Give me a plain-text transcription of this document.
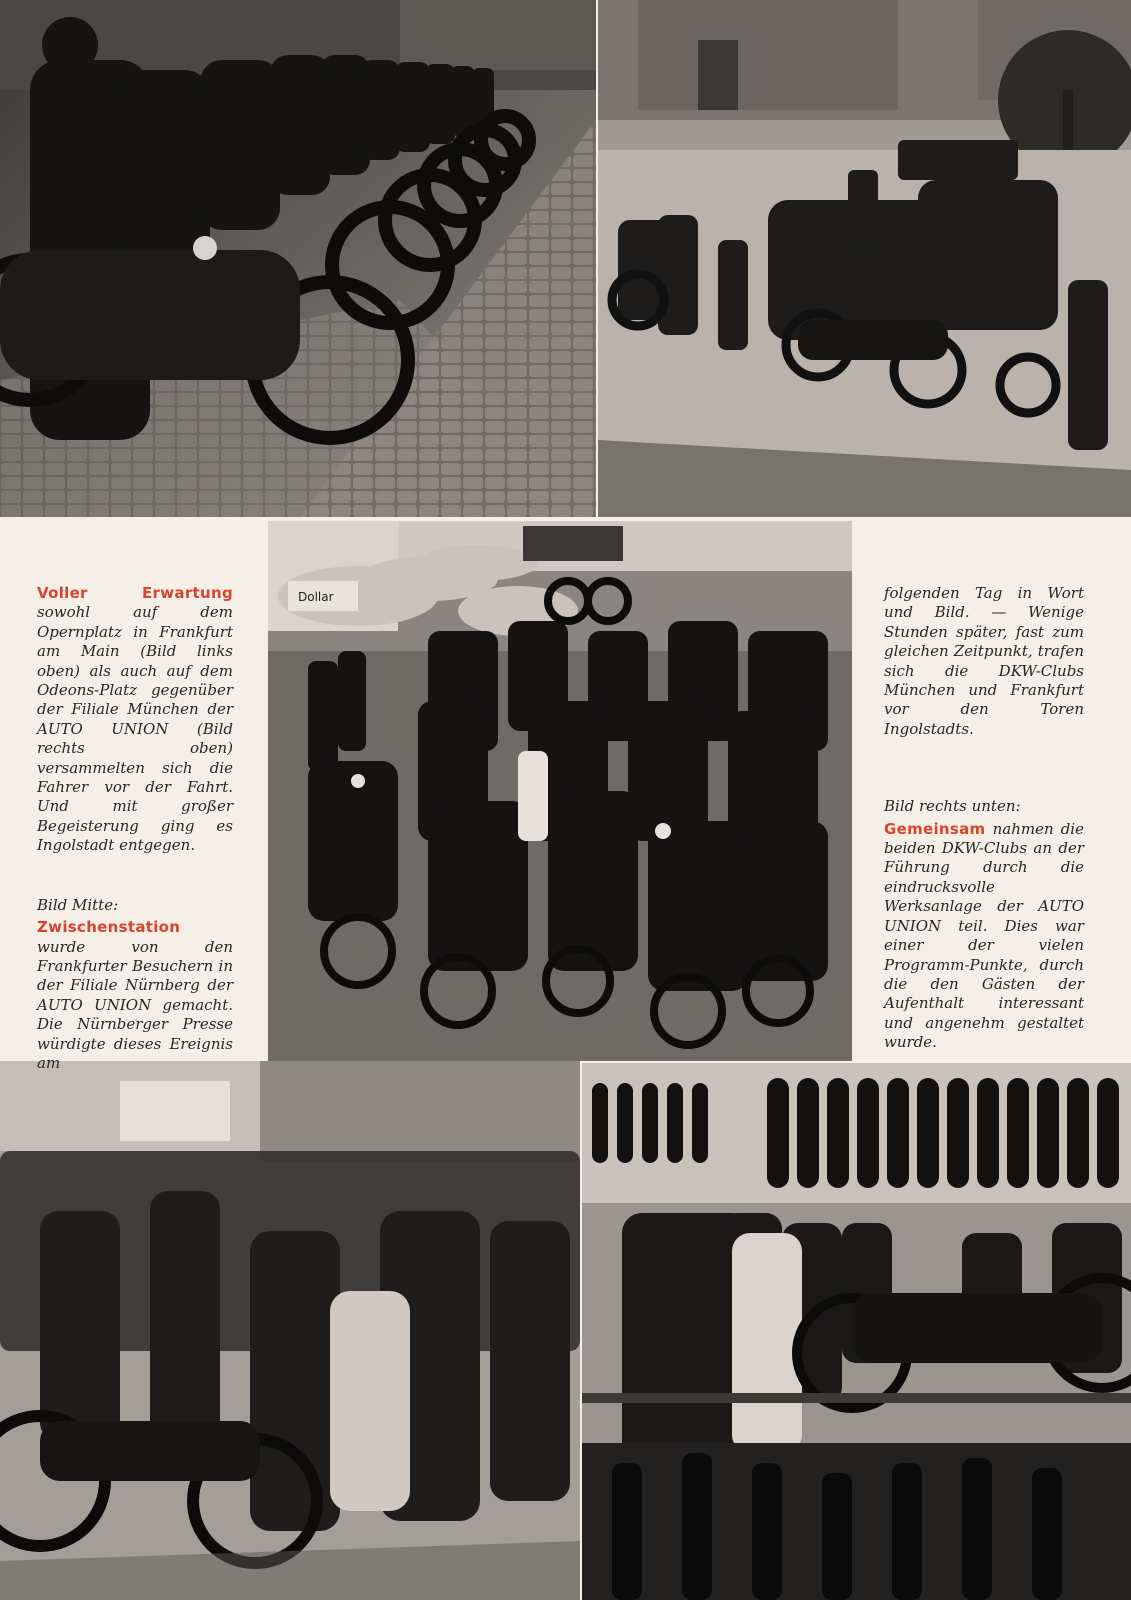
Dollar

Voller Erwartung sowohl auf dem Opernplatz in Frankfurt am Main (Bild links oben) als auch auf dem Odeons-Platz gegenüber der Filiale München der AUTO UNION (Bild rechts oben) versammelten sich die Fahrer vor der Fahrt. Und mit großer Begeisterung ging es Ingolstadt entgegen.

Bild Mitte:
Zwischenstation wurde von den Frankfurter Besuchern in der Filiale Nürnberg der AUTO UNION gemacht. Die Nürnberger Presse würdigte dieses Ereignis am

folgenden Tag in Wort und Bild. — Wenige Stunden später, fast zum gleichen Zeitpunkt, trafen sich die DKW-Clubs München und Frankfurt vor den Toren Ingolstadts.

Bild rechts unten:
Gemeinsam nahmen die beiden DKW-Clubs an der Führung durch die eindrucksvolle Werksanlage der AUTO UNION teil. Dies war einer der vielen Programm-Punkte, durch die den Gästen der Aufenthalt interessant und angenehm gestaltet wurde.
